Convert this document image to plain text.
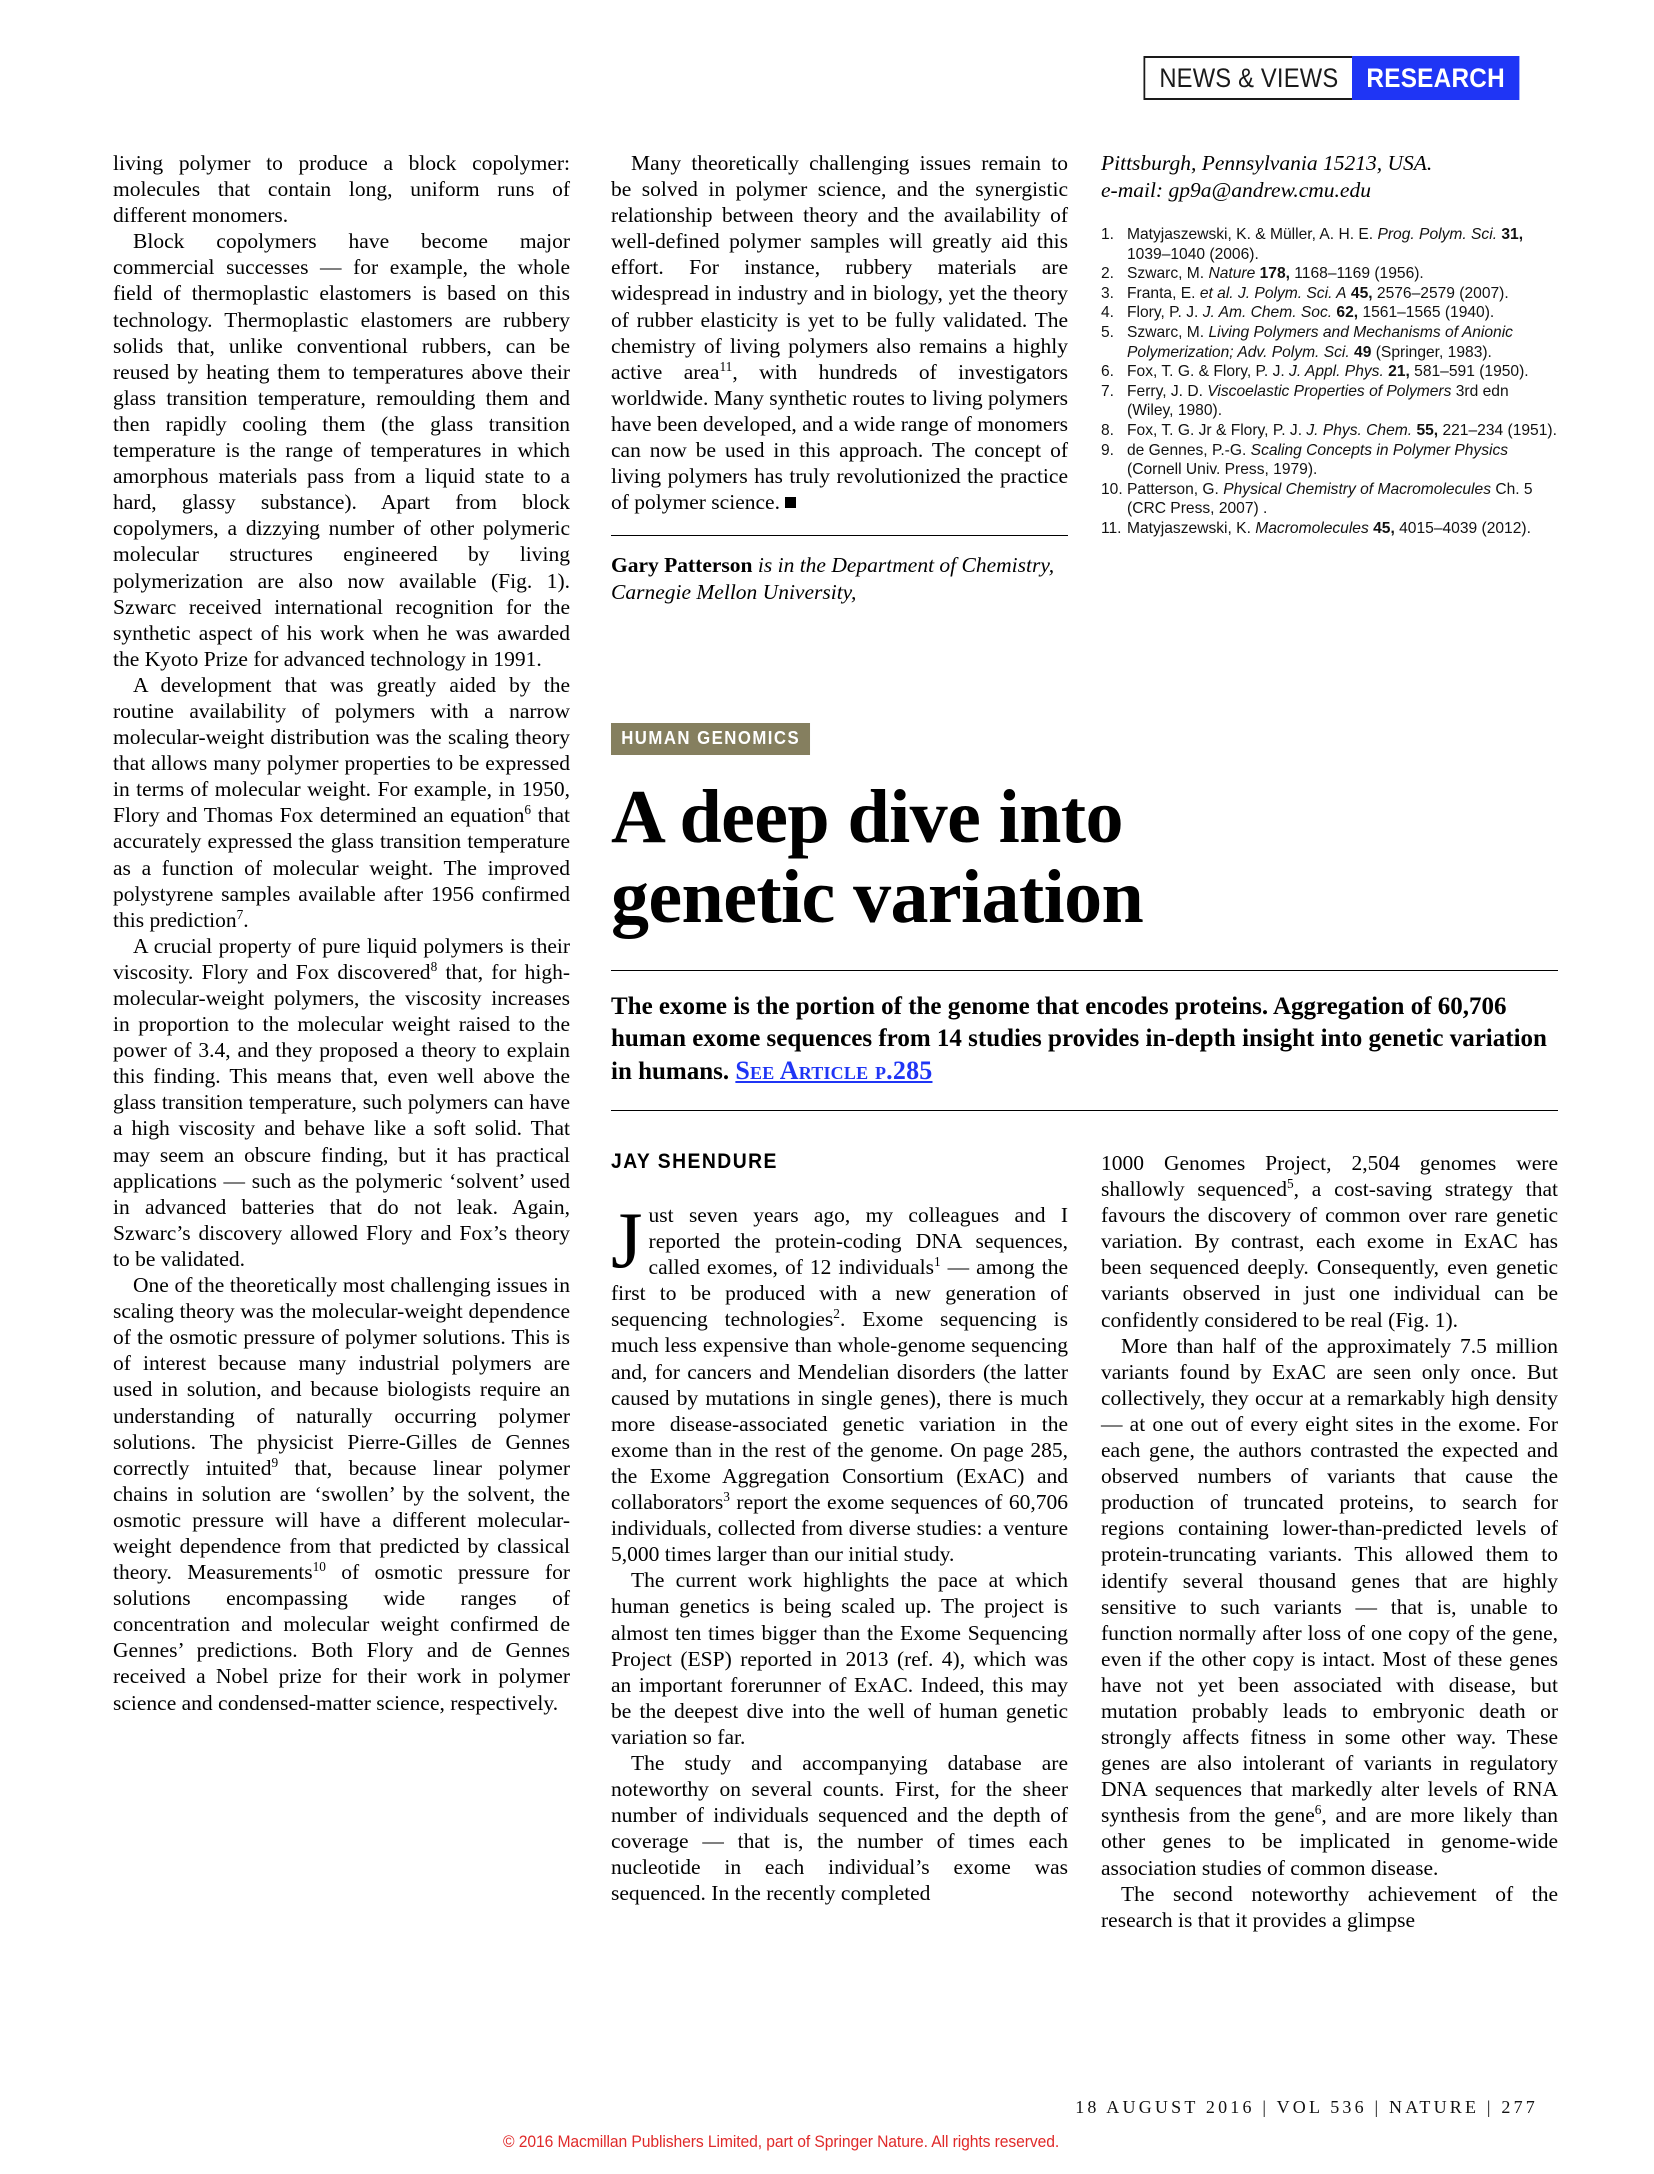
NEWS & VIEWS	RESEARCH

living polymer to produce a block copolymer: molecules that contain long, uniform runs of different monomers.

Block copolymers have become major commercial successes — for example, the whole field of thermoplastic elastomers is based on this technology. Thermoplastic elastomers are rubbery solids that, unlike conventional rubbers, can be reused by heating them to temperatures above their glass transition temperature, remoulding them and then rapidly cooling them (the glass transition temperature is the range of temperatures in which amorphous materials pass from a liquid state to a hard, glassy substance). Apart from block copolymers, a dizzying number of other polymeric molecular structures engineered by living polymerization are also now available (Fig. 1). Szwarc received international recognition for the synthetic aspect of his work when he was awarded the Kyoto Prize for advanced technology in 1991.

A development that was greatly aided by the routine availability of polymers with a narrow molecular-weight distribution was the scaling theory that allows many polymer properties to be expressed in terms of molecular weight. For example, in 1950, Flory and Thomas Fox determined an equation$^6$ that accurately expressed the glass transition temperature as a function of molecular weight. The improved polystyrene samples available after 1956 confirmed this prediction$^7$.

A crucial property of pure liquid polymers is their viscosity. Flory and Fox discovered$^8$ that, for high-molecular-weight polymers, the viscosity increases in proportion to the molecular weight raised to the power of 3.4, and they proposed a theory to explain this finding. This means that, even well above the glass transition temperature, such polymers can have a high viscosity and behave like a soft solid. That may seem an obscure finding, but it has practical applications — such as the polymeric ‘solvent’ used in advanced batteries that do not leak. Again, Szwarc’s discovery allowed Flory and Fox’s theory to be validated.

One of the theoretically most challenging issues in scaling theory was the molecular-weight dependence of the osmotic pressure of polymer solutions. This is of interest because many industrial polymers are used in solution, and because biologists require an understanding of naturally occurring polymer solutions. The physicist Pierre-Gilles de Gennes correctly intuited$^9$ that, because linear polymer chains in solution are ‘swollen’ by the solvent, the osmotic pressure will have a different molecular-weight dependence from that predicted by classical theory. Measurements$^{10}$ of osmotic pressure for solutions encompassing wide ranges of concentration and molecular weight confirmed de Gennes’ predictions. Both Flory and de Gennes received a Nobel prize for their work in polymer science and condensed-matter science, respectively.

Many theoretically challenging issues remain to be solved in polymer science, and the synergistic relationship between theory and the availability of well-defined polymer samples will greatly aid this effort. For instance, rubbery materials are widespread in industry and in biology, yet the theory of rubber elasticity is yet to be fully validated. The chemistry of living polymers also remains a highly active area$^{11}$, with hundreds of investigators worldwide. Many synthetic routes to living polymers have been developed, and a wide range of monomers can now be used in this approach. The concept of living polymers has truly revolutionized the practice of polymer science.

Gary Patterson is in the Department of Chemistry, Carnegie Mellon University,
Pittsburgh, Pennsylvania 15213, USA.
e-mail: gp9a@andrew.cmu.edu
1. Matyjaszewski, K. & Müller, A. H. E. Prog. Polym. Sci. 31, 1039–1040 (2006).
2. Szwarc, M. Nature 178, 1168–1169 (1956).
3. Franta, E. et al. J. Polym. Sci. A 45, 2576–2579 (2007).
4. Flory, P. J. J. Am. Chem. Soc. 62, 1561–1565 (1940).
5. Szwarc, M. Living Polymers and Mechanisms of Anionic Polymerization; Adv. Polym. Sci. 49 (Springer, 1983).
6. Fox, T. G. & Flory, P. J. J. Appl. Phys. 21, 581–591 (1950).
7. Ferry, J. D. Viscoelastic Properties of Polymers 3rd edn (Wiley, 1980).
8. Fox, T. G. Jr & Flory, P. J. J. Phys. Chem. 55, 221–234 (1951).
9. de Gennes, P.-G. Scaling Concepts in Polymer Physics (Cornell Univ. Press, 1979).
10. Patterson, G. Physical Chemistry of Macromolecules Ch. 5 (CRC Press, 2007) .
11. Matyjaszewski, K. Macromolecules 45, 4015–4039 (2012).
HUMAN GENOMICS
A deep dive into
genetic variation
The exome is the portion of the genome that encodes proteins. Aggregation of 60,706 human exome sequences from 14 studies provides in-depth insight into genetic variation in humans. See Article p.285
JAY SHENDURE

Just seven years ago, my colleagues and I reported the protein-coding DNA sequences, called exomes, of 12 individuals$^1$ — among the first to be produced with a new generation of sequencing technologies$^2$. Exome sequencing is much less expensive than whole-genome sequencing and, for cancers and Mendelian disorders (the latter caused by mutations in single genes), there is much more disease-associated genetic variation in the exome than in the rest of the genome. On page 285, the Exome Aggregation Consortium (ExAC) and collaborators$^3$ report the exome sequences of 60,706 individuals, collected from diverse studies: a venture 5,000 times larger than our initial study.

The current work highlights the pace at which human genetics is being scaled up. The project is almost ten times bigger than the Exome Sequencing Project (ESP) reported in 2013 (ref. 4), which was an important forerunner of ExAC. Indeed, this may be the deepest dive into the well of human genetic variation so far.

The study and accompanying database are noteworthy on several counts. First, for the sheer number of individuals sequenced and the depth of coverage — that is, the number of times each nucleotide in each individual’s exome was sequenced. In the recently completed

1000 Genomes Project, 2,504 genomes were shallowly sequenced$^5$, a cost-saving strategy that favours the discovery of common over rare genetic variation. By contrast, each exome in ExAC has been sequenced deeply. Consequently, even genetic variants observed in just one individual can be confidently considered to be real (Fig. 1).

More than half of the approximately 7.5 million variants found by ExAC are seen only once. But collectively, they occur at a remarkably high density — at one out of every eight sites in the exome. For each gene, the authors contrasted the expected and observed numbers of variants that cause the production of truncated proteins, to search for regions containing lower-than-predicted levels of protein-truncating variants. This allowed them to identify several thousand genes that are highly sensitive to such variants — that is, unable to function normally after loss of one copy of the gene, even if the other copy is intact. Most of these genes have not yet been associated with disease, but mutation probably leads to embryonic death or strongly affects fitness in some other way. These genes are also intolerant of variants in regulatory DNA sequences that markedly alter levels of RNA synthesis from the gene$^6$, and are more likely than other genes to be implicated in genome-wide association studies of common disease.

The second noteworthy achievement of the research is that it provides a glimpse

18 AUGUST 2016 | VOL 536 | NATURE | 277
© 2016 Macmillan Publishers Limited, part of Springer Nature. All rights reserved.
